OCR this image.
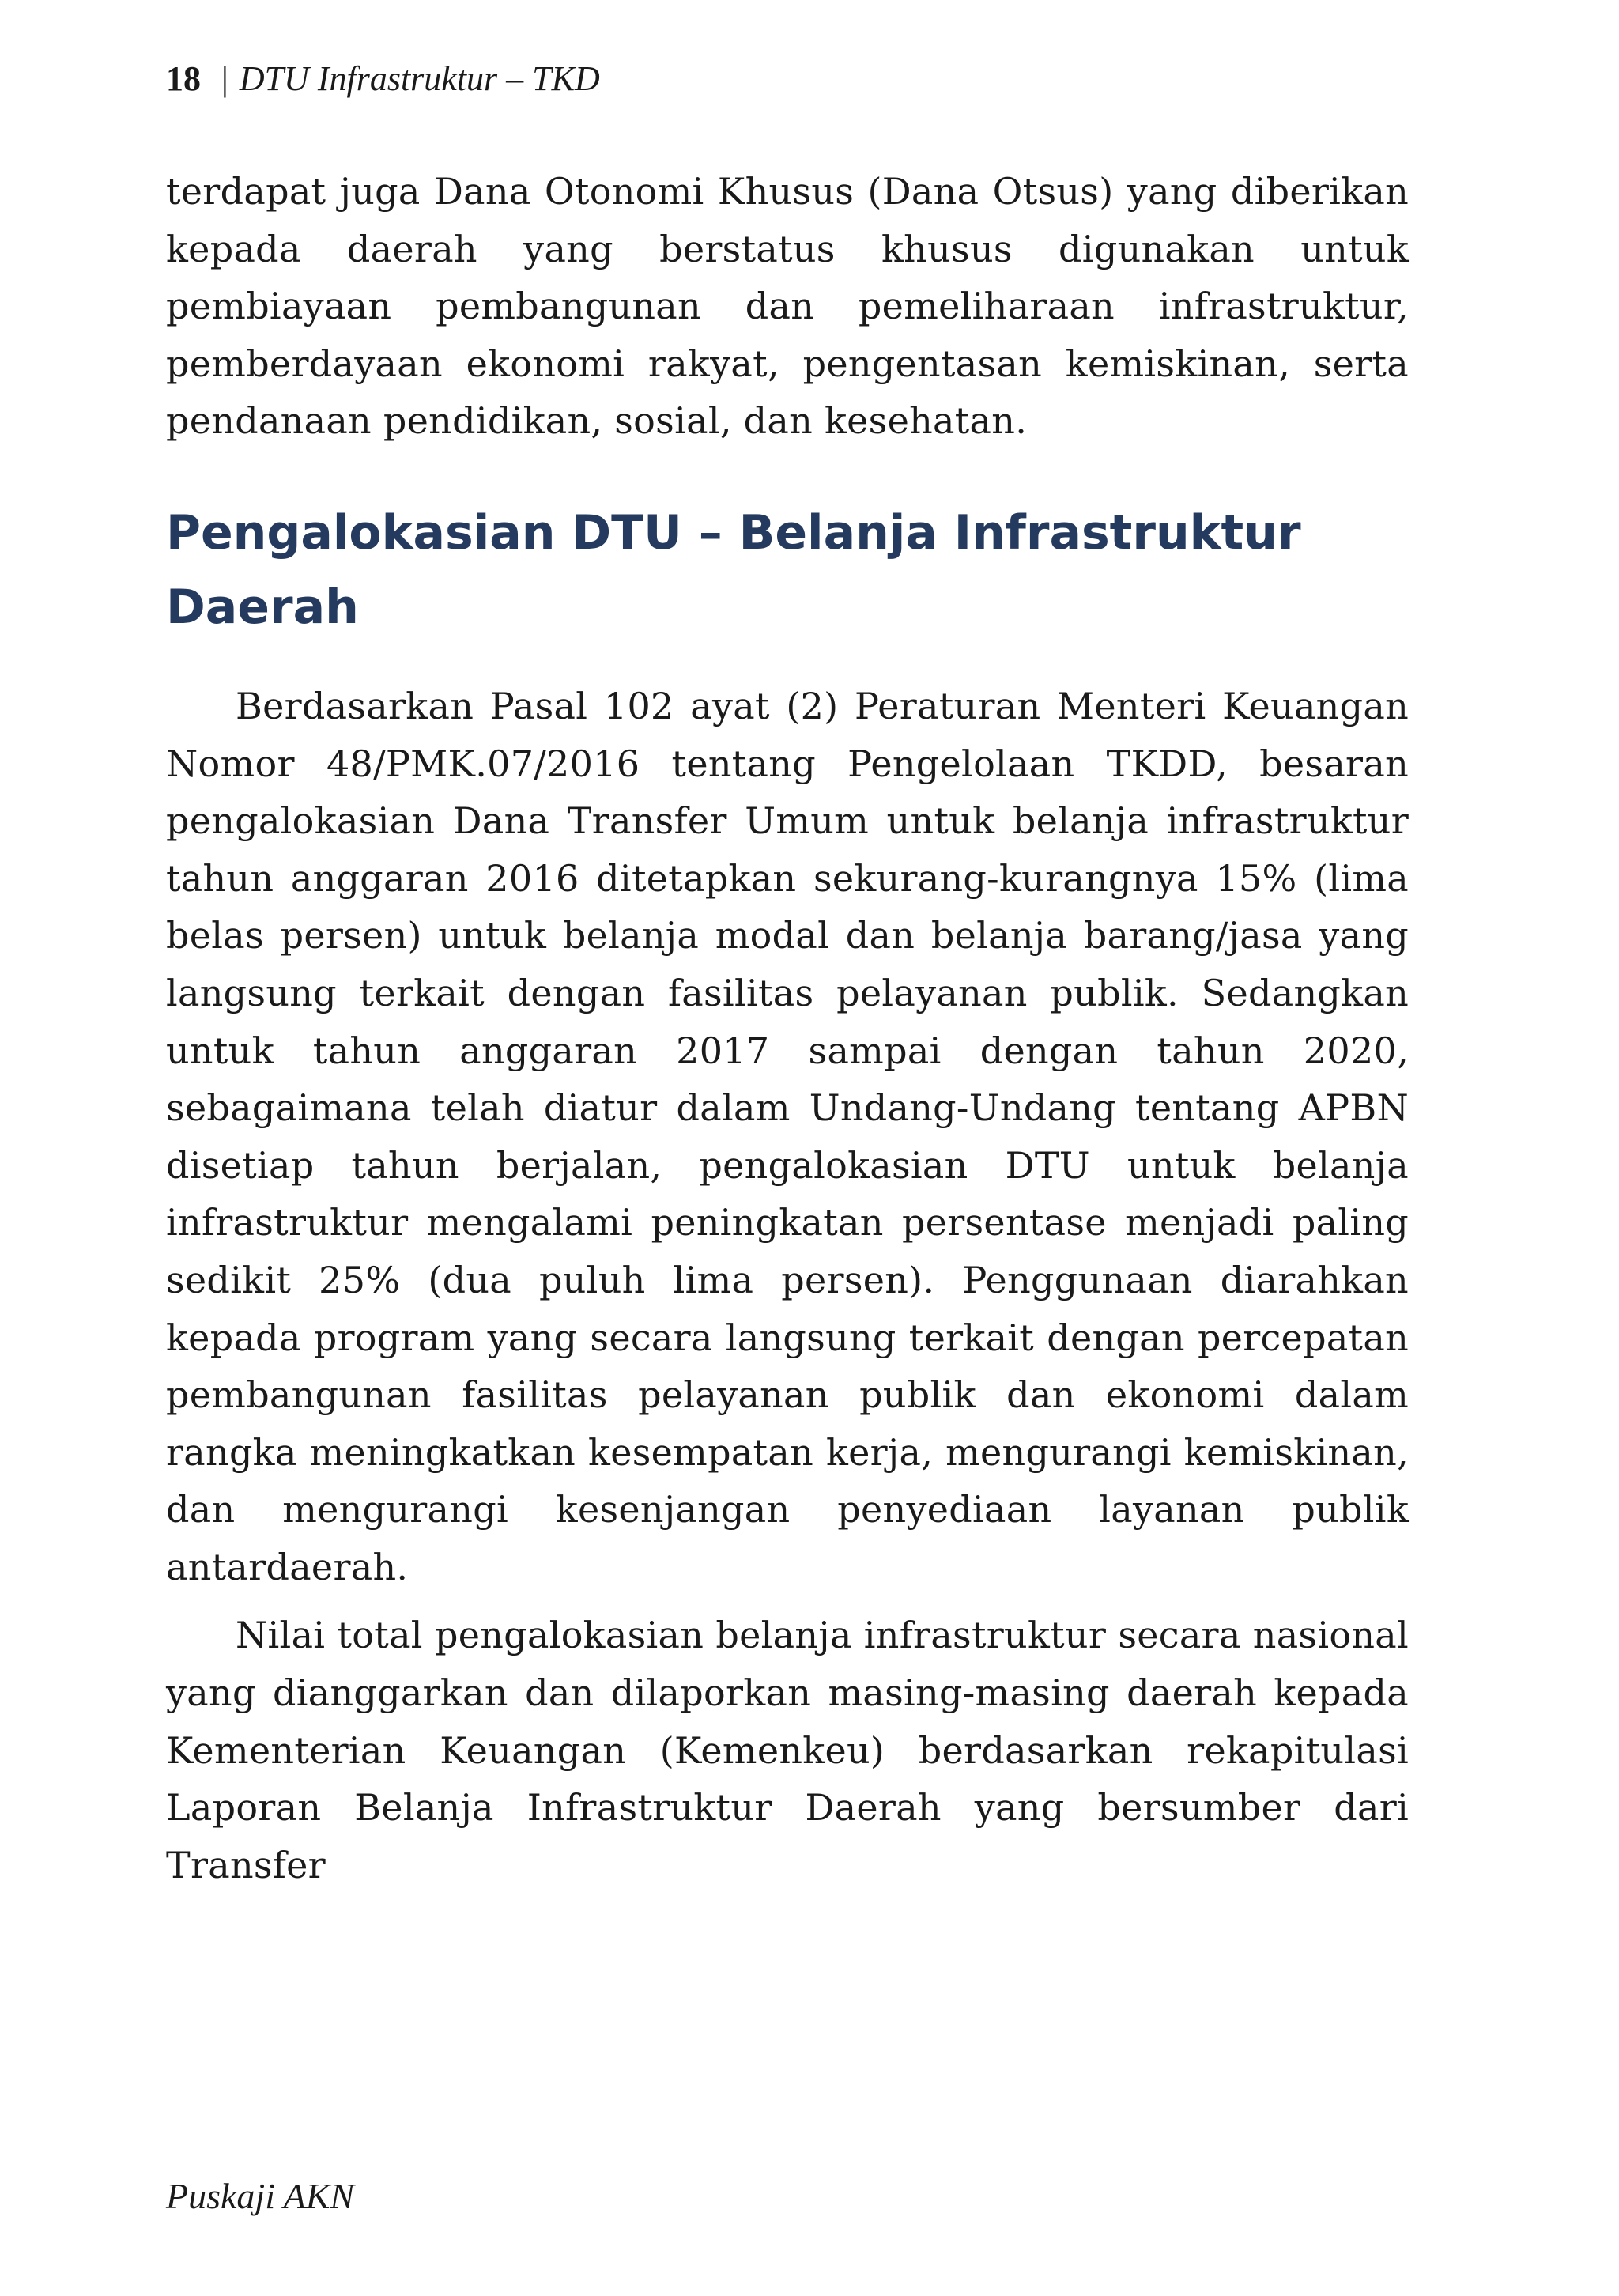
18 | DTU Infrastruktur – TKD

terdapat juga Dana Otonomi Khusus (Dana Otsus) yang diberikan kepada daerah yang berstatus khusus digunakan untuk pembiayaan pembangunan dan pemeliharaan infrastruktur, pemberdayaan ekonomi rakyat, pengentasan kemiskinan, serta pendanaan pendidikan, sosial, dan kesehatan.

Pengalokasian DTU – Belanja Infrastruktur Daerah

Berdasarkan Pasal 102 ayat (2) Peraturan Menteri Keuangan Nomor 48/PMK.07/2016 tentang Pengelolaan TKDD, besaran pengalokasian Dana Transfer Umum untuk belanja infrastruktur tahun anggaran 2016 ditetapkan sekurang-kurangnya 15% (lima belas persen) untuk belanja modal dan belanja barang/jasa yang langsung terkait dengan fasilitas pelayanan publik. Sedangkan untuk tahun anggaran 2017 sampai dengan tahun 2020, sebagaimana telah diatur dalam Undang-Undang tentang APBN disetiap tahun berjalan, pengalokasian DTU untuk belanja infrastruktur mengalami peningkatan persentase menjadi paling sedikit 25% (dua puluh lima persen). Penggunaan diarahkan kepada program yang secara langsung terkait dengan percepatan pembangunan fasilitas pelayanan publik dan ekonomi dalam rangka meningkatkan kesempatan kerja, mengurangi kemiskinan, dan mengurangi kesenjangan penyediaan layanan publik antardaerah.

Nilai total pengalokasian belanja infrastruktur secara nasional yang dianggarkan dan dilaporkan masing-masing daerah kepada Kementerian Keuangan (Kemenkeu) berdasarkan rekapitulasi Laporan Belanja Infrastruktur Daerah yang bersumber dari Transfer

Puskaji AKN
